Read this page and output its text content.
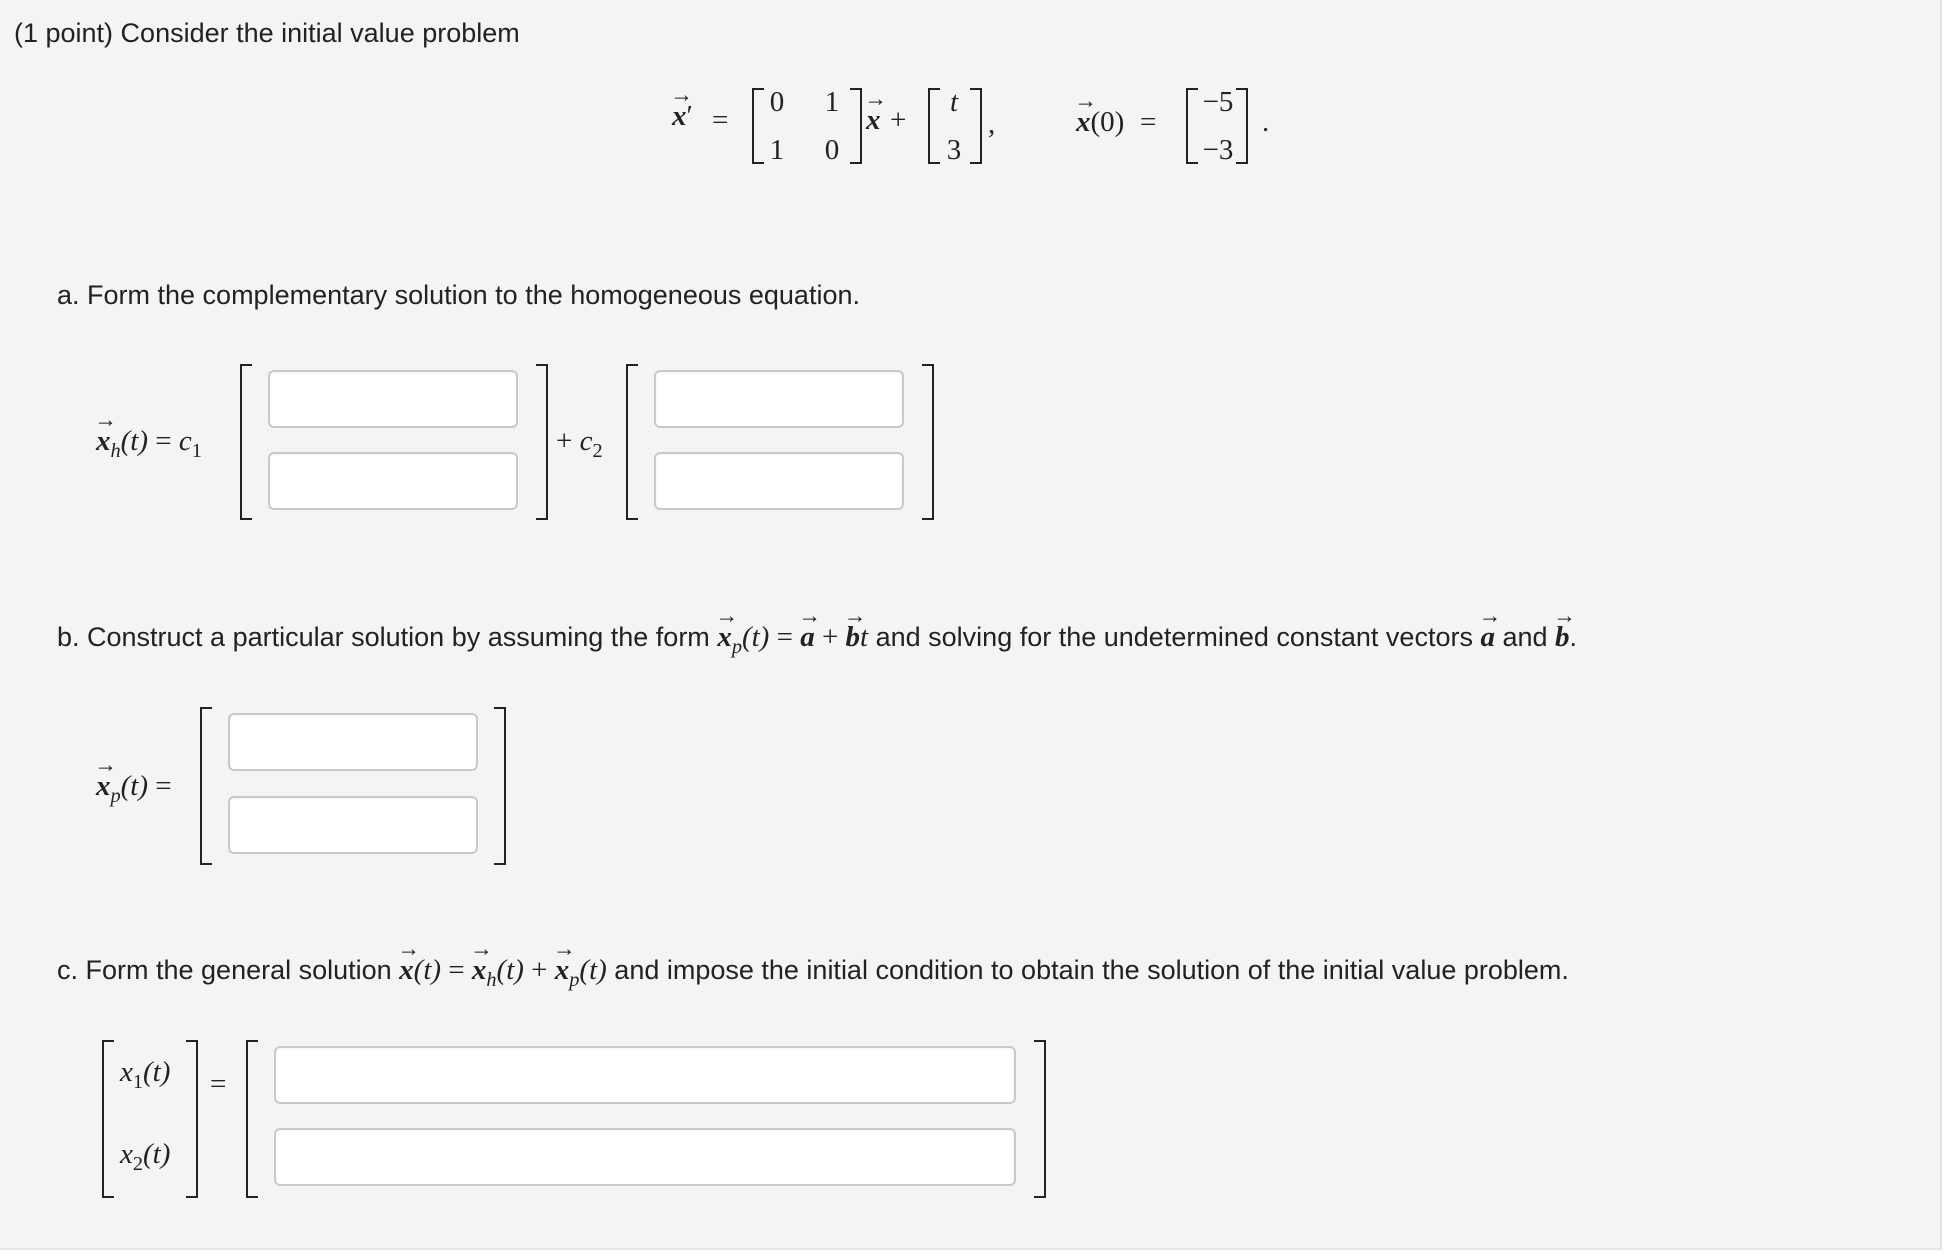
(1 point) Consider the initial value problem
→ x′ =
0	1
1	0
→ x +
t
3
,	→ x(0) =
−5
−3
.
a. Form the complementary solution to the homogeneous equation.
→ $x_h(t) = c_1$	+ $c_2$
b. Construct a particular solution by assuming the form → $x_p(t)$ = → a + → bt and solving for the undetermined constant vectors → a and → b.
→ $x_p(t)$ =
c. Form the general solution → x(t) = → $x_h(t)$ + → $x_p(t)$ and impose the initial condition to obtain the solution of the initial value problem.
$x_1(t)$
$x_2(t)$
=
